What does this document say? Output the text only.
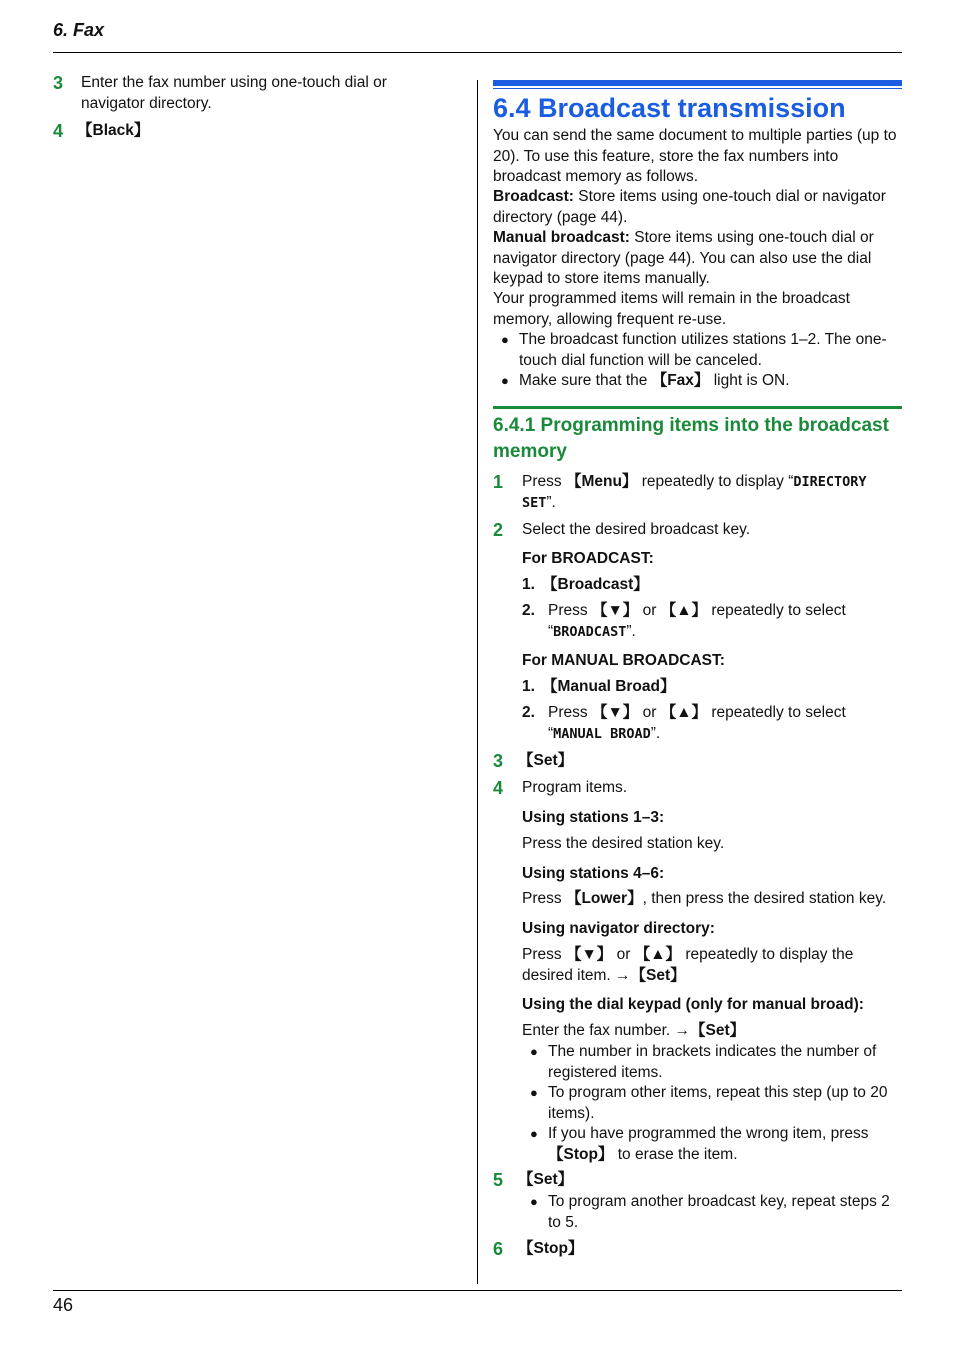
6. Fax
3 Enter the fax number using one-touch dial or navigator directory.
4 【Black】
6.4 Broadcast transmission
You can send the same document to multiple parties (up to 20). To use this feature, store the fax numbers into broadcast memory as follows.
Broadcast: Store items using one-touch dial or navigator directory (page 44).
Manual broadcast: Store items using one-touch dial or navigator directory (page 44). You can also use the dial keypad to store items manually.
Your programmed items will remain in the broadcast memory, allowing frequent re-use.
● The broadcast function utilizes stations 1–2. The one-touch dial function will be canceled.
● Make sure that the 【Fax】 light is ON.
6.4.1 Programming items into the broadcast memory
1 Press 【Menu】 repeatedly to display “DIRECTORY SET”.
2 Select the desired broadcast key.
For BROADCAST:
1. 【Broadcast】
2. Press 【▼】 or 【▲】 repeatedly to select “BROADCAST”.
For MANUAL BROADCAST:
1. 【Manual Broad】
2. Press 【▼】 or 【▲】 repeatedly to select “MANUAL BROAD”.
3 【Set】
4 Program items.
Using stations 1–3:
Press the desired station key.
Using stations 4–6:
Press 【Lower】, then press the desired station key.
Using navigator directory:
Press 【▼】 or 【▲】 repeatedly to display the desired item. →【Set】
Using the dial keypad (only for manual broad):
Enter the fax number. →【Set】
● The number in brackets indicates the number of registered items.
● To program other items, repeat this step (up to 20 items).
● If you have programmed the wrong item, press 【Stop】 to erase the item.
5 【Set】
● To program another broadcast key, repeat steps 2 to 5.
6 【Stop】
46
